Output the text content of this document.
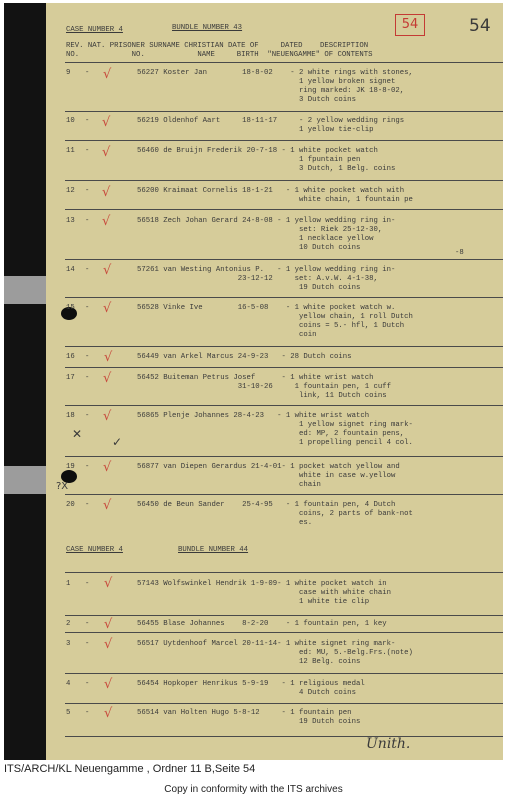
54	54
CASE NUMBER 4	BUNDLE NUMBER 43
REV. NAT. PRISONER SURNAME CHRISTIAN DATE OF     DATED    DESCRIPTION
NO.            NO.            NAME     BIRTH  "NEUENGAMME" OF CONTENTS
9 -	56227 Koster Jan        18-8-02    - 2 white rings with stones,
1 yellow broken signet
ring marked: JK 18-8-02,
3 Dutch coins
10 -	56219 Oldenhof Aart     18-11-17     - 2 yellow wedding rings
1 yellow tie-clip
11 -	56460 de Bruijn Frederik 20-7-18 - 1 white pocket watch
1 fpuntain pen
3 Dutch, 1 Belg. coins
12 -	56200 Kraimaat Cornelis 18-1-21   - 1 white pocket watch with
white chain, 1 fountain pe
13 -	56518 Zech Johan Gerard 24-8-08 - 1 yellow wedding ring in-
set: Riek 25-12-30,
1 necklace yellow
10 Dutch coins
14 -	57261 van Westing Antonius P.   - 1 yellow wedding ring in-
23-12-12     set: A.v.W. 4-1-38,
19 Dutch coins
15 -	56528 Vinke Ive        16-5-08    - 1 white pocket watch w.
yellow chain, 1 roll Dutch
coins = 5.- hfl, 1 Dutch
coin
16 -	56449 van Arkel Marcus 24-9-23   - 28 Dutch coins
17 -	56452 Buiteman Petrus Josef      - 1 white wrist watch
31-10-26     1 fountain pen, 1 cuff
link, 11 Dutch coins
18 -	56865 Plenje Johannes 28-4-23   - 1 white wrist watch
1 yellow signet ring mark-
ed: MP, 2 fountain pens,
1 propelling pencil 4 col.
19 -	56877 van Diepen Gerardus 21-4-01- 1 pocket watch yellow and
white in case w.yellow
chain
20 -	56450 de Beun Sander    25-4-95   - 1 fountain pen, 4 Dutch
coins, 2 parts of bank-not
es.
-8
CASE NUMBER 4	BUNDLE NUMBER 44
1 -	57143 Wolfswinkel Hendrik 1-9-09- 1 white pocket watch in
case with white chain
1 white tie clip
2 -	56455 Blase Johannes    8-2-20    - 1 fountain pen, 1 key
3 -	56517 Uytdenhoof Marcel 20-11-14- 1 white signet ring mark-
ed: MU, 5.-Belg.Frs.(note)
12 Belg. coins
4 -	56454 Hopkoper Henrikus 5-9-19   - 1 religious medal
4 Dutch coins
5 -	56514 van Holten Hugo 5-8-12     - 1 fountain pen
19 Dutch coins
√
√
√
√
√
√
√
√
√
√
√
√
√
√
√
√
√
✓
✕
?X
Unith.
ITS/ARCH/KL Neuengamme , Ordner 11 B,Seite 54
Copy in conformity with the ITS archives
